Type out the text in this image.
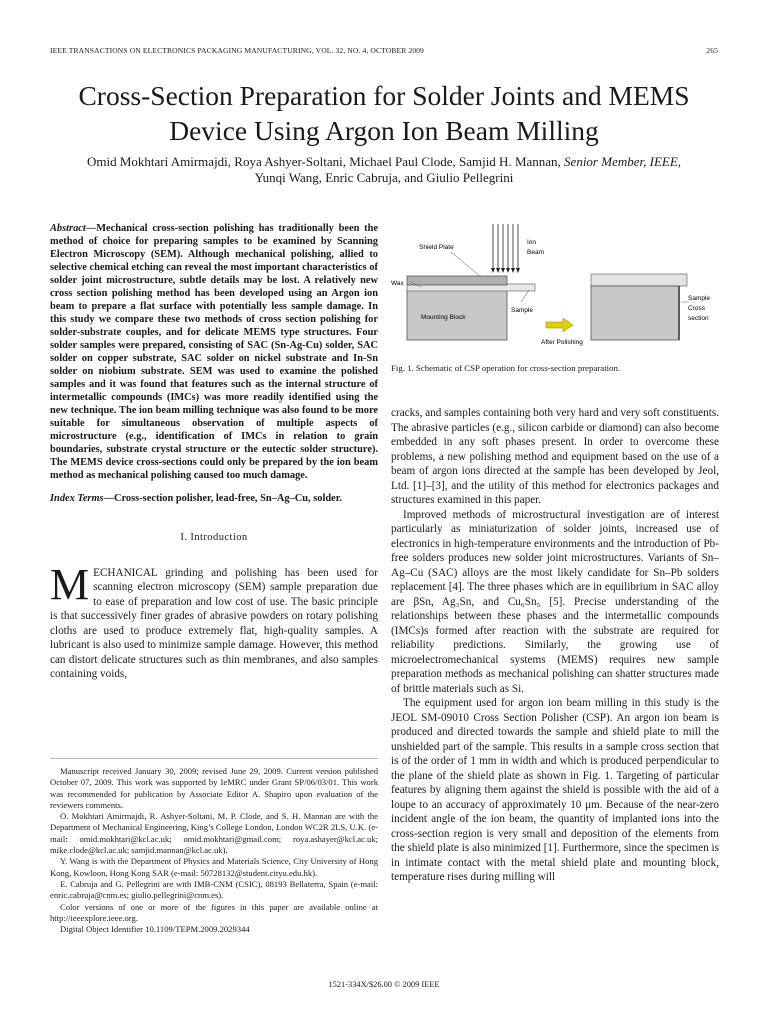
IEEE TRANSACTIONS ON ELECTRONICS PACKAGING MANUFACTURING, VOL. 32, NO. 4, OCTOBER 2009	265
Cross-Section Preparation for Solder Joints and MEMS Device Using Argon Ion Beam Milling
Omid Mokhtari Amirmajdi, Roya Ashyer-Soltani, Michael Paul Clode, Samjid H. Mannan, Senior Member, IEEE,
Yunqi Wang, Enric Cabruja, and Giulio Pellegrini
Abstract—Mechanical cross-section polishing has traditionally been the method of choice for preparing samples to be examined by Scanning Electron Microscopy (SEM). Although mechanical polishing, allied to selective chemical etching can reveal the most important characteristics of solder joint microstructure, subtle details may be lost. A relatively new cross section polishing method has been developed using an Argon ion beam to prepare a flat surface with potentially less sample damage. In this study we compare these two methods of cross section polishing for solder-substrate couples, and for delicate MEMS type structures. Four solder samples were prepared, consisting of SAC (Sn-Ag-Cu) solder, SAC solder on copper substrate, SAC solder on nickel substrate and In-Sn solder on niobium substrate. SEM was used to examine the polished samples and it was found that features such as the internal structure of intermetallic compounds (IMCs) was more readily identified using the new technique. The ion beam milling technique was also found to be more suitable for simultaneous observation of multiple aspects of microstructure (e.g., identification of IMCs in relation to grain boundaries, substrate crystal structure or the eutectic solder structure). The MEMS device cross-sections could only be prepared by the ion beam method as mechanical polishing caused too much damage.
Index Terms—Cross-section polisher, lead-free, Sn–Ag–Cu, solder.
I. Introduction

MECHANICAL grinding and polishing has been used for scanning electron microscopy (SEM) sample preparation due to ease of preparation and low cost of use. The basic principle is that successively finer grades of abrasive powders on rotary polishing cloths are used to produce extremely flat, high-quality samples. A lubricant is also used to minimize sample damage. However, this method can distort delicate structures such as thin membranes, and also samples containing voids,

Manuscript received January 30, 2009; revised June 29, 2009. Current version published October 07, 2009. This work was supported by IeMRC under Grant SP/06/03/01. This work was recommended for publication by Associate Editor A. Shapiro upon evaluation of the reviewers comments.

O. Mokhtari Amirmajdi, R. Ashyer-Soltani, M. P. Clode, and S. H. Mannan are with the Department of Mechanical Engineering, King’s College London, London WC2R 2LS, U.K. (e-mail: omid.mokhtari@kcl.ac.uk; omid.mokhtari@gmail.com; roya.ashayer@kcl.ac.uk; mike.clode@kcl.ac.uk; samjid.mannan@kcl.ac.uk).

Y. Wang is with the Department of Physics and Materials Science, City University of Hong Kong, Kowloon, Hong Kong SAR (e-mail: 50728132@student.cityu.edu.hk).

E. Cabruja and G. Pellegrini are with IMB-CNM (CSIC), 08193 Bellaterra, Spain (e-mail: enric.cabruja@cnm.es; giulio.pellegrini@cnm.es).

Color versions of one or more of the figures in this paper are available online at http://ieeexplore.ieee.org.

Digital Object Identifier 10.1109/TEPM.2009.2029344

Shield Plate
Ion
Beam
Wax
Sample
Mounting Block
After Polishing
Sample
Cross
section
Fig. 1. Schematic of CSP operation for cross-section preparation.

cracks, and samples containing both very hard and very soft constituents. The abrasive particles (e.g., silicon carbide or diamond) can also become embedded in any soft phases present. In order to overcome these problems, a new polishing method and equipment based on the use of a beam of argon ions directed at the sample has been developed by Jeol, Ltd. [1]–[3], and the utility of this method for electronics packages and structures examined in this paper.

Improved methods of microstructural investigation are of interest particularly as miniaturization of solder joints, increased use of electronics in high-temperature environments and the introduction of Pb-free solders produces new solder joint microstructures. Variants of Sn–Ag–Cu (SAC) alloys are the most likely candidate for Sn–Pb solders replacement [4]. The three phases which are in equilibrium in SAC alloy are βSn, Ag₃Sn, and Cu₆Sn₅ [5]. Precise understanding of the relationships between these phases and the intermetallic compounds (IMCs)s formed after reaction with the substrate are required for reliability predictions. Similarly, the growing use of microelectromechanical systems (MEMS) requires new sample preparation methods as mechanical polishing can shatter structures made of brittle materials such as Si.

The equipment used for argon ion beam milling in this study is the JEOL SM-09010 Cross Section Polisher (CSP). An argon ion beam is produced and directed towards the sample and shield plate to mill the unshielded part of the sample. This results in a sample cross section that is of the order of 1 mm in width and which is produced perpendicular to the plane of the shield plate as shown in Fig. 1. Targeting of particular features by aligning them against the shield is possible with the aid of a loupe to an accuracy of approximately 10 μm. Because of the near-zero incident angle of the ion beam, the quantity of implanted ions into the cross-section region is very small and deposition of the elements from the shield plate is also minimized [1]. Furthermore, since the specimen is in intimate contact with the metal shield plate and mounting block, temperature rises during milling will

1521-334X/$26.00 © 2009 IEEE
